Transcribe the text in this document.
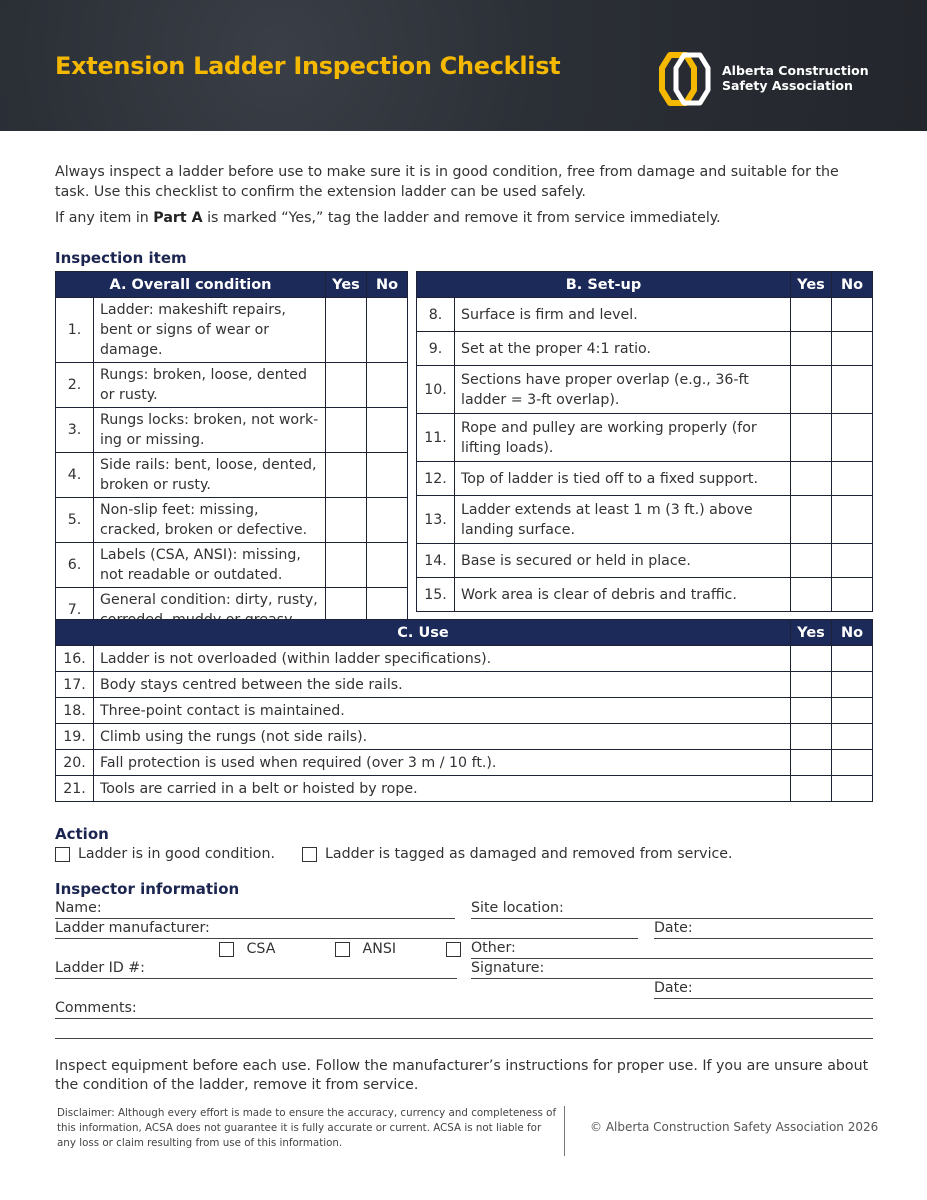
Extension Ladder Inspection Checklist	Alberta Construction
Safety Association

Always inspect a ladder before use to make sure it is in good condition, free from damage and suitable for the task. Use this checklist to confirm the extension ladder can be used safely.

If any item in Part A is marked “Yes,” tag the ladder and remove it from service immediately.

Inspection item
A. Overall condition		Yes	No
1.	Ladder: makeshift repairs, bent or signs of wear or damage.		
2.	Rungs: broken, loose, dented or rusty.		
3.	Rungs locks: broken, not work-ing or missing.		
4.	Side rails: bent, loose, dented, broken or rusty.		
5.	Non-slip feet: missing, cracked, broken or defective.		
6.	Labels (CSA, ANSI): missing, not readable or outdated.		
7.	General condition: dirty, rusty,		
B. Set-up		Yes	No
8.	Surface is firm and level.		
9.	Set at the proper 4:1 ratio.		
10.	Sections have proper overlap (e.g., 36-ft ladder = 3-ft overlap).		
11.	Rope and pulley are working properly (for lifting loads).		
12.	Top of ladder is tied off to a fixed support.		
13.	Ladder extends at least 1 m (3 ft.) above landing surface.		
14.	Base is secured or held in place.		
15.	Work area is clear of debris and traffic.		
C. Use		Yes	No
16.	Ladder is not overloaded (within ladder specifications).		
17.	Body stays centred between the side rails.		
18.	Three-point contact is maintained.		
19.	Climb using the rungs (not side rails).		
20.	Fall protection is used when required (over 3 m / 10 ft.).		
21.	Tools are carried in a belt or hoisted by rope.		
Action
Ladder is in good condition.	Ladder is tagged as damaged and removed from service.
Inspector information
Name:	Site location:
Ladder manufacturer:	Date:
CSA	ANSI	Other:
Ladder ID #:	Signature:
Date:
Comments:
Inspect equipment before each use. Follow the manufacturer’s instructions for proper use. If you are unsure about the condition of the ladder, remove it from service.
Disclaimer: Although every effort is made to ensure the accuracy, currency and completeness of this information, ACSA does not guarantee it is fully accurate or current. ACSA is not liable for any loss or claim resulting from use of this information.
© Alberta Construction Safety Association 2026
